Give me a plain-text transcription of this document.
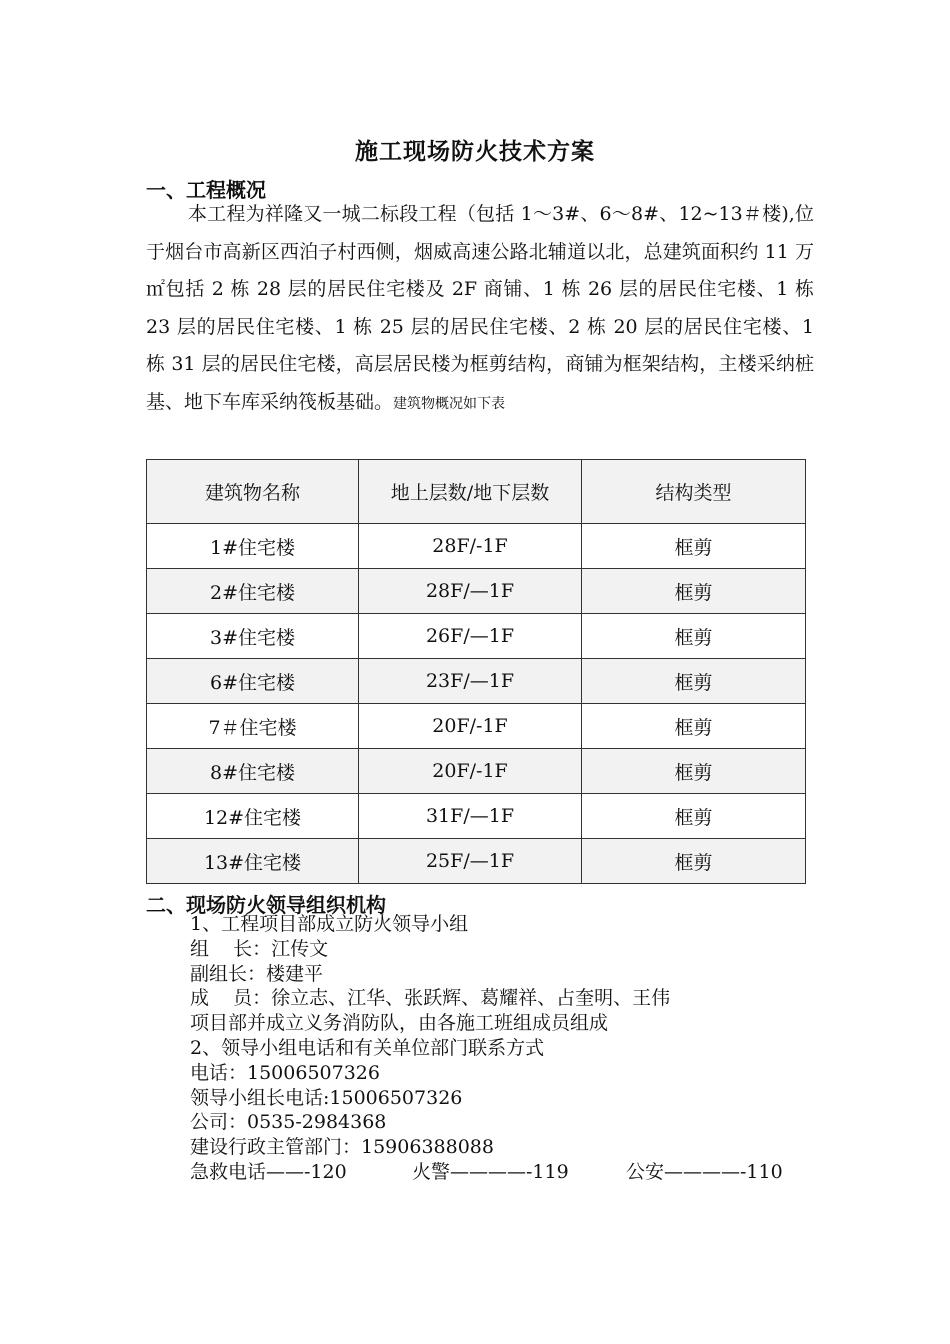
施工现场防火技术方案
一、工程概况
本工程为祥隆又一城二标段工程（包括 1～3#、6～8#、12~13＃楼),位于烟台市高新区西泊子村西侧，烟威高速公路北辅道以北，总建筑面积约 11 万㎡包括 2 栋 28 层的居民住宅楼及 2F 商铺、1 栋 26 层的居民住宅楼、1 栋 23 层的居民住宅楼、1 栋 25 层的居民住宅楼、2 栋 20 层的居民住宅楼、1 栋 31 层的居民住宅楼，高层居民楼为框剪结构，商铺为框架结构，主楼采纳桩基、地下车库采纳筏板基础。建筑物概况如下表
建筑物名称	地上层数/地下层数	结构类型
1#住宅楼	28F/-1F	框剪
2#住宅楼	28F/—1F	框剪
3#住宅楼	26F/—1F	框剪
6#住宅楼	23F/—1F	框剪
7＃住宅楼	20F/-1F	框剪
8#住宅楼	20F/-1F	框剪
12#住宅楼	31F/—1F	框剪
13#住宅楼	25F/—1F	框剪
二、现场防火领导组织机构
1、工程项目部成立防火领导小组
组    长：江传文
副组长：楼建平
成    员：徐立志、江华、张跃辉、葛耀祥、占奎明、王伟
项目部并成立义务消防队，由各施工班组成员组成
2、领导小组电话和有关单位部门联系方式
电话：15006507326
领导小组长电话:15006507326
公司：0535-2984368
建设行政主管部门：15906388088
急救电话——-120	火警————-119	公安————-110
